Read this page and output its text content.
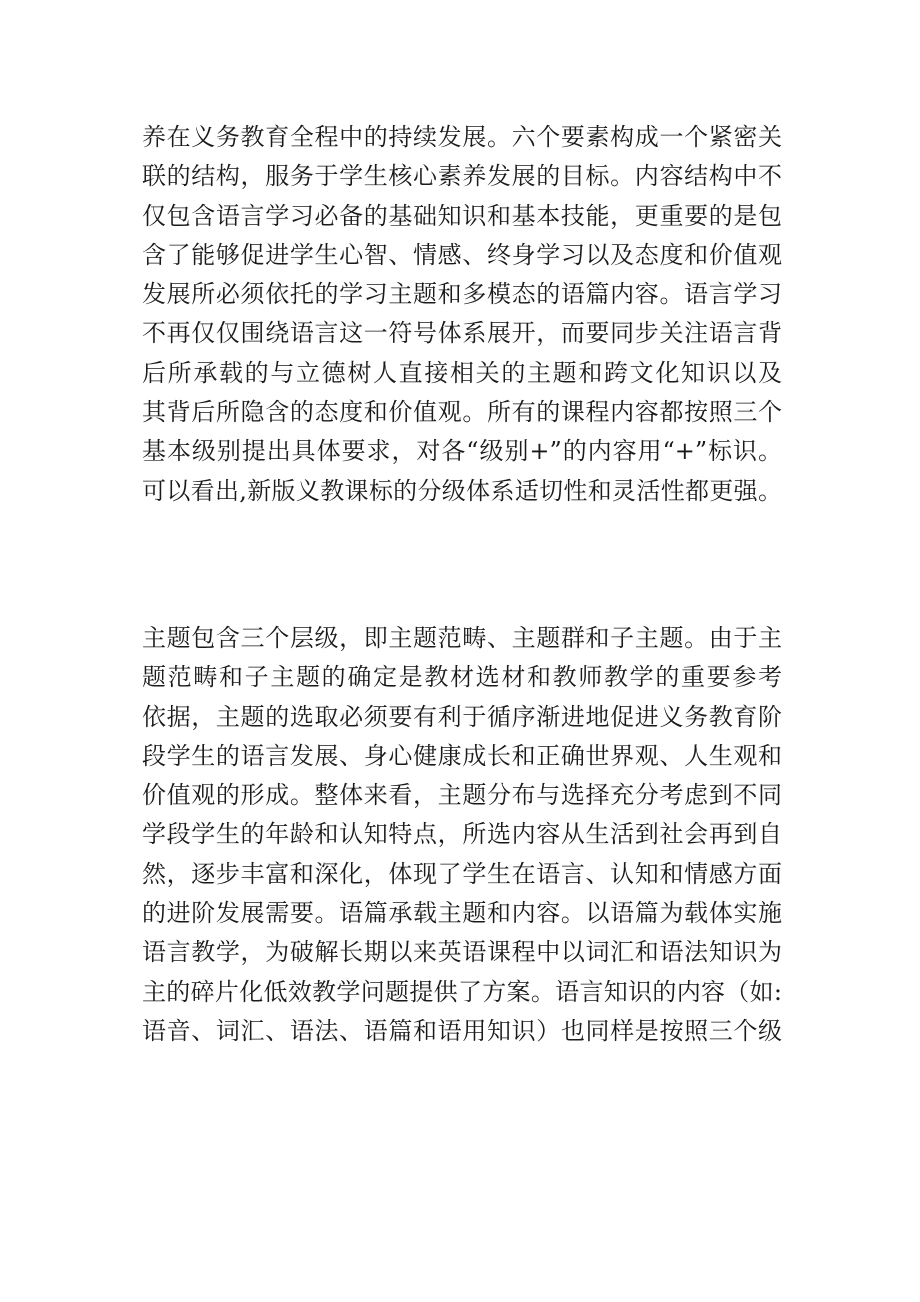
养在义务教育全程中的持续发展。六个要素构成一个紧密关
联的结构，服务于学生核心素养发展的目标。内容结构中不
仅包含语言学习必备的基础知识和基本技能，更重要的是包
含了能够促进学生心智、情感、终身学习以及态度和价值观
发展所必须依托的学习主题和多模态的语篇内容。语言学习
不再仅仅围绕语言这一符号体系展开，而要同步关注语言背
后所承载的与立德树人直接相关的主题和跨文化知识以及
其背后所隐含的态度和价值观。所有的课程内容都按照三个
基本级别提出具体要求，对各“级别+”的内容用“+”标识。
可以看出,新版义教课标的分级体系适切性和灵活性都更强。
主题包含三个层级，即主题范畴、主题群和子主题。由于主
题范畴和子主题的确定是教材选材和教师教学的重要参考
依据，主题的选取必须要有利于循序渐进地促进义务教育阶
段学生的语言发展、身心健康成长和正确世界观、人生观和
价值观的形成。整体来看，主题分布与选择充分考虑到不同
学段学生的年龄和认知特点，所选内容从生活到社会再到自
然，逐步丰富和深化，体现了学生在语言、认知和情感方面
的进阶发展需要。语篇承载主题和内容。以语篇为载体实施
语言教学，为破解长期以来英语课程中以词汇和语法知识为
主的碎片化低效教学问题提供了方案。语言知识的内容（如:
语音、词汇、语法、语篇和语用知识）也同样是按照三个级
